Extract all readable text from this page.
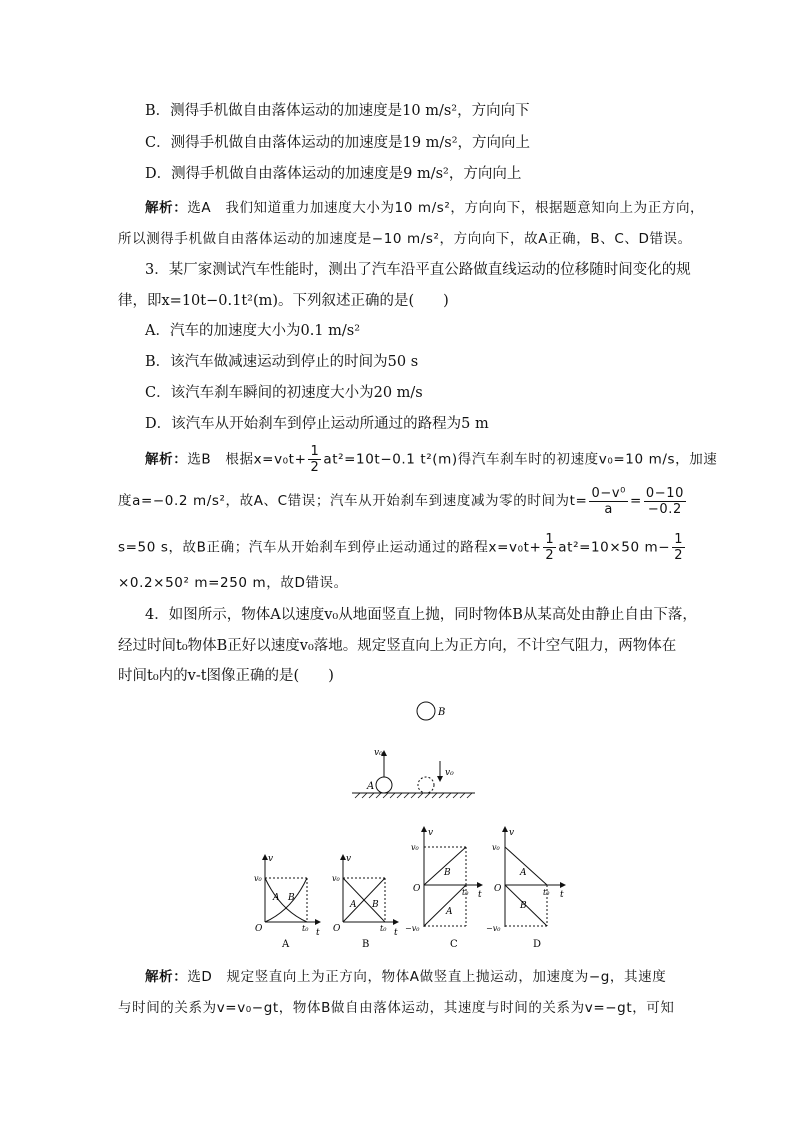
B．测得手机做自由落体运动的加速度是10 m/s²，方向向下
C．测得手机做自由落体运动的加速度是19 m/s²，方向向上
D．测得手机做自由落体运动的加速度是9 m/s²，方向向上
解析：选A　我们知道重力加速度大小为10 m/s²，方向向下，根据题意知向上为正方向，
所以测得手机做自由落体运动的加速度是−10 m/s²，方向向下，故A正确，B、C、D错误。
3．某厂家测试汽车性能时，测出了汽车沿平直公路做直线运动的位移随时间变化的规
律，即x=10t−0.1t²(m)。下列叙述正确的是(　　)
A．汽车的加速度大小为0.1 m/s²
B．该汽车做减速运动到停止的时间为50 s
C．该汽车刹车瞬间的初速度大小为20 m/s
D．该汽车从开始刹车到停止运动所通过的路程为5 m
解析：选B　根据$x=v_0t+ \frac{1}{2} at^2=10t-0.1$ t²(m)得汽车刹车时的初速度v₀=10 m/s，加速
度a=−0.2 m/s²，故A、C错误；汽车从开始刹车到速度减为零的时间为$t= \frac{\text{0−v⁰}}{a} = \frac{0-10}{-0.2}$
s=50 s，故B正确；汽车从开始刹车到停止运动通过的路程$x=v_0t+ \frac{1}{2} at^2=10\times 50$ $m- \frac{1}{2}$
×0.2×50² m=250 m，故D错误。
4．如图所示，物体A以速度v₀从地面竖直上抛，同时物体B从某高处由静止自由下落，
经过时间t₀物体B正好以速度v₀落地。规定竖直向上为正方向，不计空气阻力，两物体在
时间t₀内的v-t图像正确的是(　　)
B
A
v₀
v₀
v
t
O
v₀
t₀
A B
A
v
t
O
v₀
t₀
A B
B
v
t
O
v₀
−v₀
t₀
B
A
C
v
t
O
v₀
−v₀
t₀
A
B
D
解析：选D　规定竖直向上为正方向，物体A做竖直上抛运动，加速度为−g，其速度
与时间的关系为v=v₀−gt，物体B做自由落体运动，其速度与时间的关系为v=−gt，可知
